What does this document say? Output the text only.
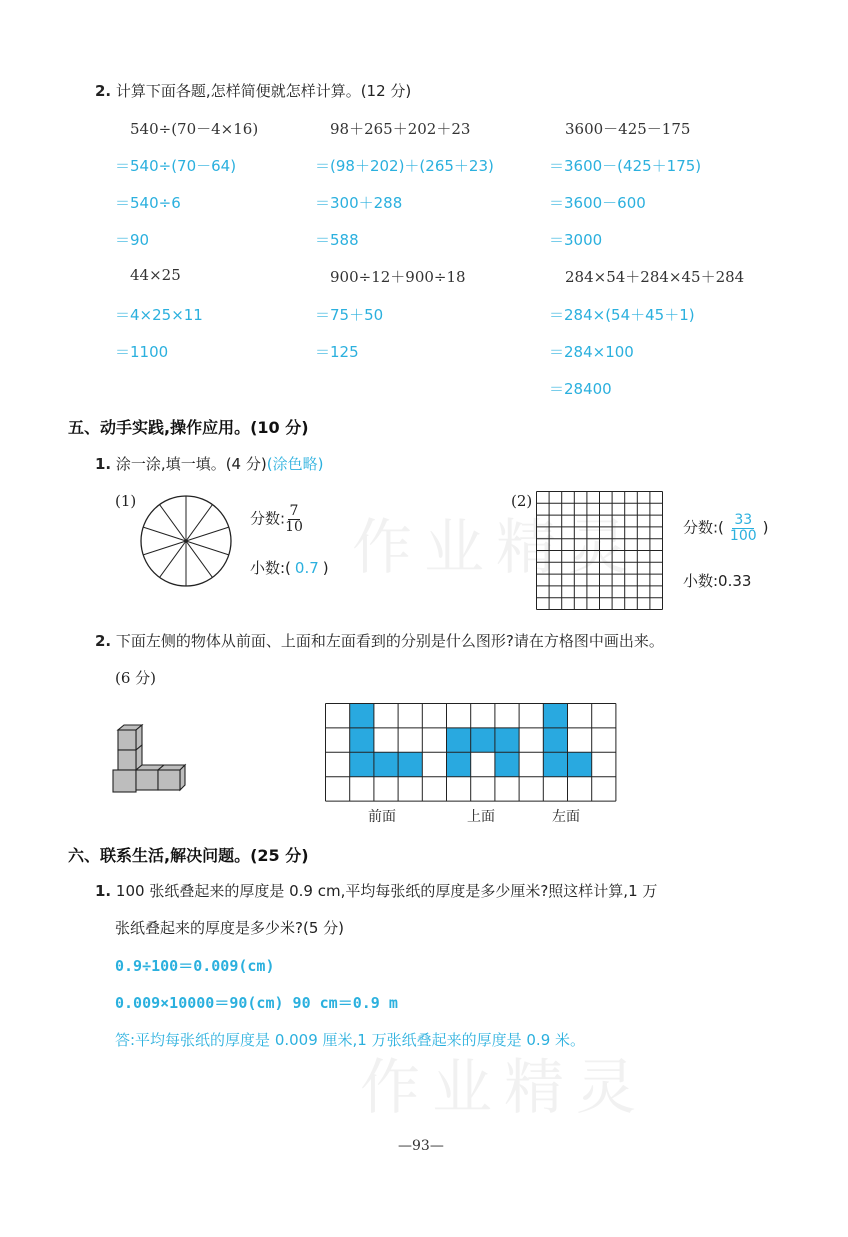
作业精灵
作业精灵
2. 计算下面各题,怎样简便就怎样计算。(12 分)
540÷(70－4×16)
＝540÷(70－64)
＝540÷6
＝90
98＋265＋202＋23
＝(98＋202)＋(265＋23)
＝300＋288
＝588
3600－425－175
＝3600－(425＋175)
＝3600－600
＝3000
44×25
＝4×25×11
＝1100
900÷12＋900÷18
＝75＋50
＝125
284×54＋284×45＋284
＝284×(54＋45＋1)
＝284×100
＝28400
五、动手实践,操作应用。(10 分)
1. 涂一涂,填一填。(4 分)(涂色略)
(1)
分数: $\frac{7}{10}$
小数:( 0.7 )
(2)
分数:( $\frac{33}{100}$ )
小数:0.33
2. 下面左侧的物体从前面、上面和左面看到的分别是什么图形?请在方格图中画出来。
(6 分)
前面	上面	左面
六、联系生活,解决问题。(25 分)
1. 100 张纸叠起来的厚度是 0.9 cm,平均每张纸的厚度是多少厘米?照这样计算,1 万
张纸叠起来的厚度是多少米?(5 分)
0.9÷100＝0.009(cm)
0.009×10000＝90(cm) 90 cm＝0.9 m
答:平均每张纸的厚度是 0.009 厘米,1 万张纸叠起来的厚度是 0.9 米。
—93—
